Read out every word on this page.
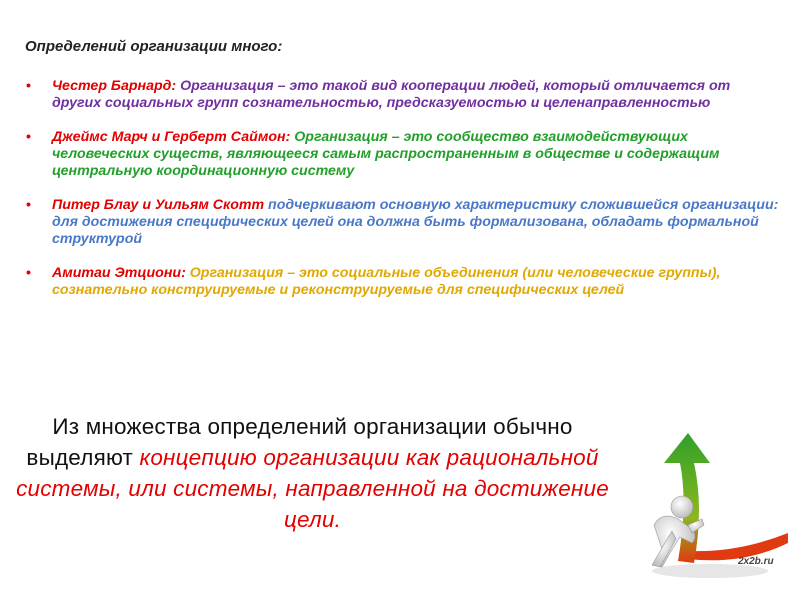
Определений организации много:
• Честер Барнард: Организация – это такой вид кооперации людей, который отличается от других социальных групп сознательностью, предсказуемостью и целенаправленностью
• Джеймс Марч и Герберт Саймон: Организация – это сообщество взаимодействующих человеческих существ, являющееся самым распространенным в обществе и содержащим центральную координационную систему
• Питер Блау и Уильям Скотт подчеркивают основную характеристику сложившейся организации: для достижения специфических целей она должна быть формализована, обладать формальной структурой
• Амитаи Этциони: Организация – это социальные объединения (или человеческие группы), сознательно конструируемые и реконструируемые для специфических целей
Из множества определений организации обычно выделяют концепцию организации как рациональной системы, или системы, направленной на достижение цели.
2x2b.ru
